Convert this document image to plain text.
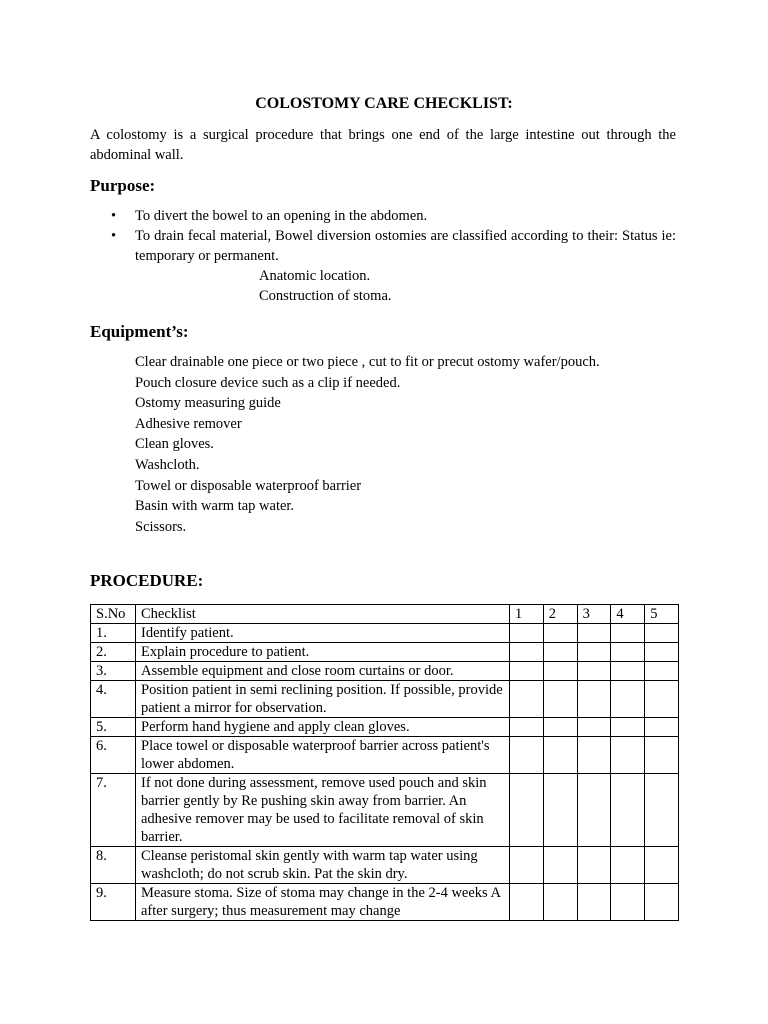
COLOSTOMY CARE CHECKLIST:
A colostomy is a surgical procedure that brings one end of the large intestine out through the abdominal wall.
Purpose:
• To divert the bowel to an opening in the abdomen.
• To drain fecal material, Bowel diversion ostomies are classified according to their: Status ie: temporary or permanent.
Anatomic location.
Construction of stoma.
Equipment’s:
Clear drainable one piece or two piece , cut to fit or precut ostomy wafer/pouch.
Pouch closure device such as a clip if needed.
Ostomy measuring guide
Adhesive remover
Clean gloves.
Washcloth.
Towel or disposable waterproof barrier
Basin with warm tap water.
Scissors.
PROCEDURE:
S.No	Checklist	1	2	3	4	5
1.	Identify patient.					
2.	Explain procedure to patient.					
3.	Assemble equipment and close room curtains or door.					
4.	Position patient in semi reclining position. If possible, provide patient a mirror for observation.					
5.	Perform hand hygiene and apply clean gloves.					
6.	Place towel or disposable waterproof barrier across patient's lower abdomen.					
7.	If not done during assessment, remove used pouch and skin barrier gently by Re pushing skin away from barrier. An adhesive remover may be used to facilitate removal of skin barrier.					
8.	Cleanse peristomal skin gently with warm tap water using washcloth; do not scrub skin. Pat the skin dry.					
9.	Measure stoma. Size of stoma may change in the 2-4 weeks A after surgery; thus measurement may change					
